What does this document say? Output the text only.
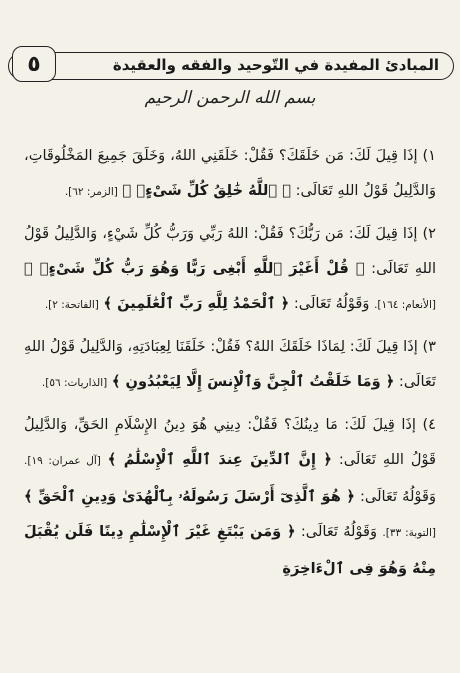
المبادئ المفيدة في التّوحيد والفقه والعقيدة
٥
بسم الله الرحمن الرحيم

١) إذَا قِيلَ لَكَ: مَن خَلَقَكَ؟ فَقُلْ: خَلَقَنِي اللهُ، وَخَلَقَ جَمِيعَ المَخْلُوقَاتِ، وَالدَّلِيلُ قَوْلُ اللهِ تَعَالَى: ﴿ ٱللَّهُ خَٰلِقُ كُلِّ شَىْءٍۢ ﴾ [الزمر: ٦٢].

٢) إذَا قِيلَ لَكَ: مَن رَبُّكَ؟ فَقُلْ: اللهُ رَبِّي وَرَبُّ كُلِّ شَيْءٍ، وَالدَّلِيلُ قَوْلُ اللهِ تَعَالَى: ﴿ قُلْ أَغَيْرَ ٱللَّهِ أَبْغِى رَبًّا وَهُوَ رَبُّ كُلِّ شَىْءٍۢ ﴾ [الأنعام: ١٦٤]. وَقَوْلُهُ تَعَالَى: ﴿ ٱلْحَمْدُ لِلَّهِ رَبِّ ٱلْعَٰلَمِينَ ﴾ [الفاتحة: ٢].

٣) إذَا قِيلَ لَكَ: لِمَاذَا خَلَقَكَ اللهُ؟ فَقُلْ: خَلَقَنَا لِعِبَادَتِهِ، وَالدَّلِيلُ قَوْلُ اللهِ تَعَالَى: ﴿ وَمَا خَلَقْتُ ٱلْجِنَّ وَٱلْإِنسَ إِلَّا لِيَعْبُدُونِ ﴾ [الذاريات: ٥٦].

٤) إذَا قِيلَ لَكَ: مَا دِينُكَ؟ فَقُلْ: دِينِي هُوَ دِينُ الإِسْلَامِ الحَقِّ، وَالدَّلِيلُ قَوْلُ اللهِ تَعَالَى: ﴿ إِنَّ ٱلدِّينَ عِندَ ٱللَّهِ ٱلْإِسْلَٰمُ ﴾ [آل عمران: ١٩]. وَقَوْلُهُ تَعَالَى: ﴿ هُوَ ٱلَّذِىٓ أَرْسَلَ رَسُولَهُۥ بِٱلْهُدَىٰ وَدِينِ ٱلْحَقِّ ﴾ [التوبة: ٣٣]. وَقَوْلُهُ تَعَالَى: ﴿ وَمَن يَبْتَغِ غَيْرَ ٱلْإِسْلَٰمِ دِينًا فَلَن يُقْبَلَ مِنْهُ وَهُوَ فِى ٱلْءَاخِرَةِ
